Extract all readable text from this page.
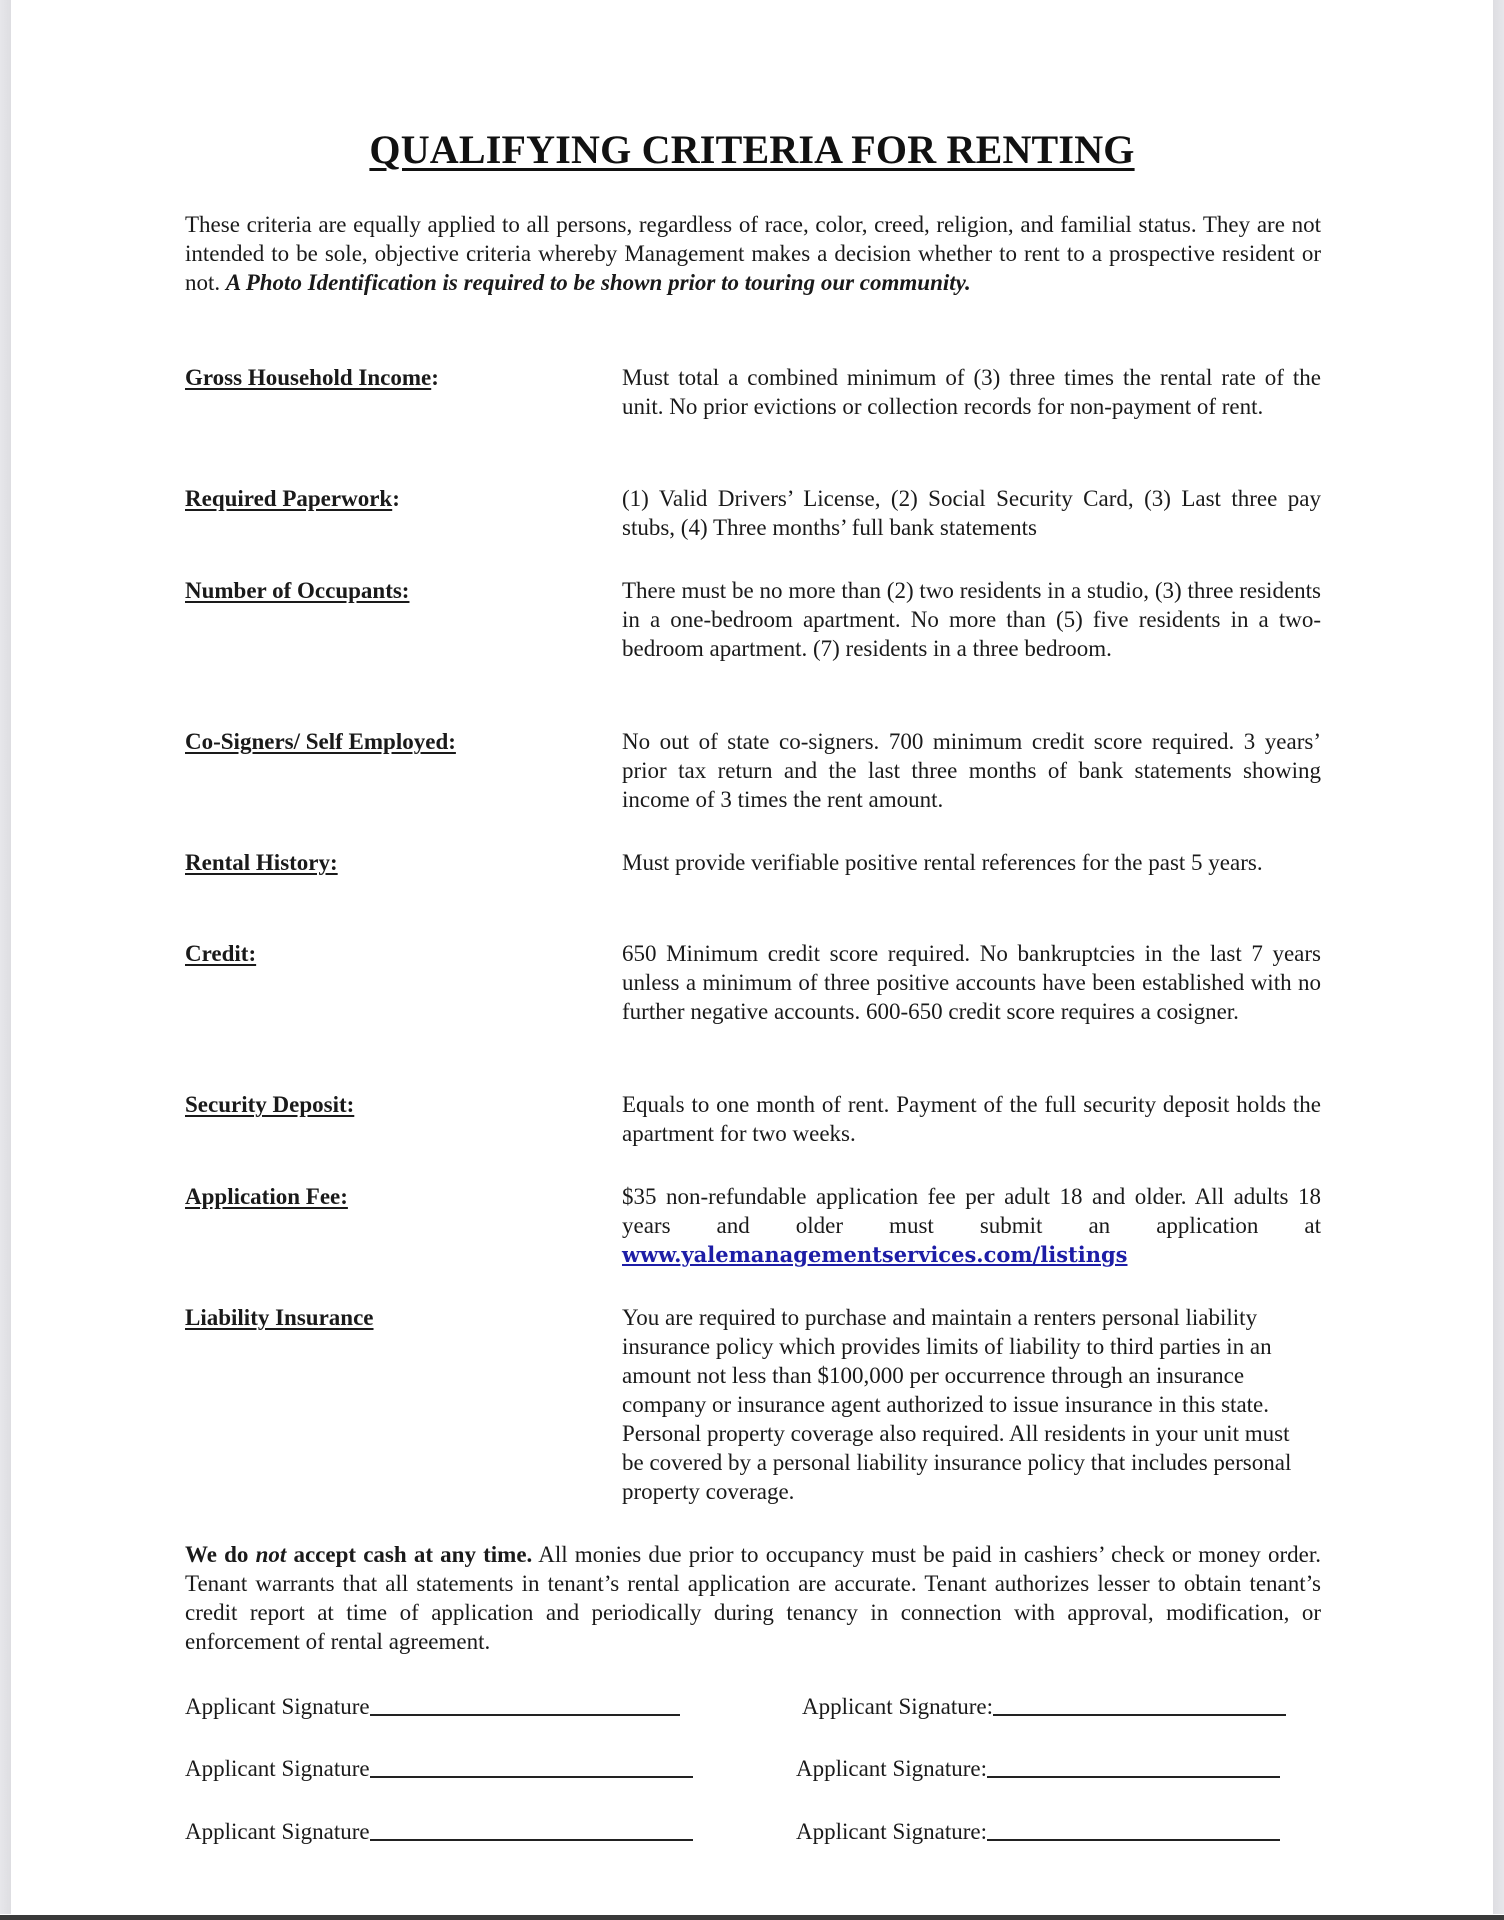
QUALIFYING CRITERIA FOR RENTING
These criteria are equally applied to all persons, regardless of race, color, creed, religion, and familial status. They are not intended to be sole, objective criteria whereby Management makes a decision whether to rent to a prospective resident or not. A Photo Identification is required to be shown prior to touring our community.
Gross Household Income:	Must total a combined minimum of (3) three times the rental rate of the unit. No prior evictions or collection records for non-payment of rent.
Required Paperwork:	(1) Valid Drivers’ License, (2) Social Security Card, (3) Last three pay stubs, (4) Three months’ full bank statements
Number of Occupants:	There must be no more than (2) two residents in a studio, (3) three residents in a one-bedroom apartment. No more than (5) five residents in a two-bedroom apartment. (7) residents in a three bedroom.
Co-Signers/ Self Employed:	No out of state co-signers. 700 minimum credit score required. 3 years’ prior tax return and the last three months of bank statements showing income of 3 times the rent amount.
Rental History:	Must provide verifiable positive rental references for the past 5 years.
Credit:	650 Minimum credit score required. No bankruptcies in the last 7 years unless a minimum of three positive accounts have been established with no further negative accounts. 600-650 credit score requires a cosigner.
Security Deposit:	Equals to one month of rent. Payment of the full security deposit holds the apartment for two weeks.
Application Fee:	$35 non-refundable application fee per adult 18 and older. All adults 18 years and older must submit an application at www.yalemanagementservices.com/listings
Liability Insurance	You are required to purchase and maintain a renters personal liability insurance policy which provides limits of liability to third parties in an amount not less than $100,000 per occurrence through an insurance company or insurance agent authorized to issue insurance in this state. Personal property coverage also required. All residents in your unit must be covered by a personal liability insurance policy that includes personal property coverage.
We do not accept cash at any time. All monies due prior to occupancy must be paid in cashiers’ check or money order. Tenant warrants that all statements in tenant’s rental application are accurate. Tenant authorizes lesser to obtain tenant’s credit report at time of application and periodically during tenancy in connection with approval, modification, or enforcement of rental agreement.
Applicant Signature	Applicant Signature:
Applicant Signature	Applicant Signature:
Applicant Signature	Applicant Signature:
